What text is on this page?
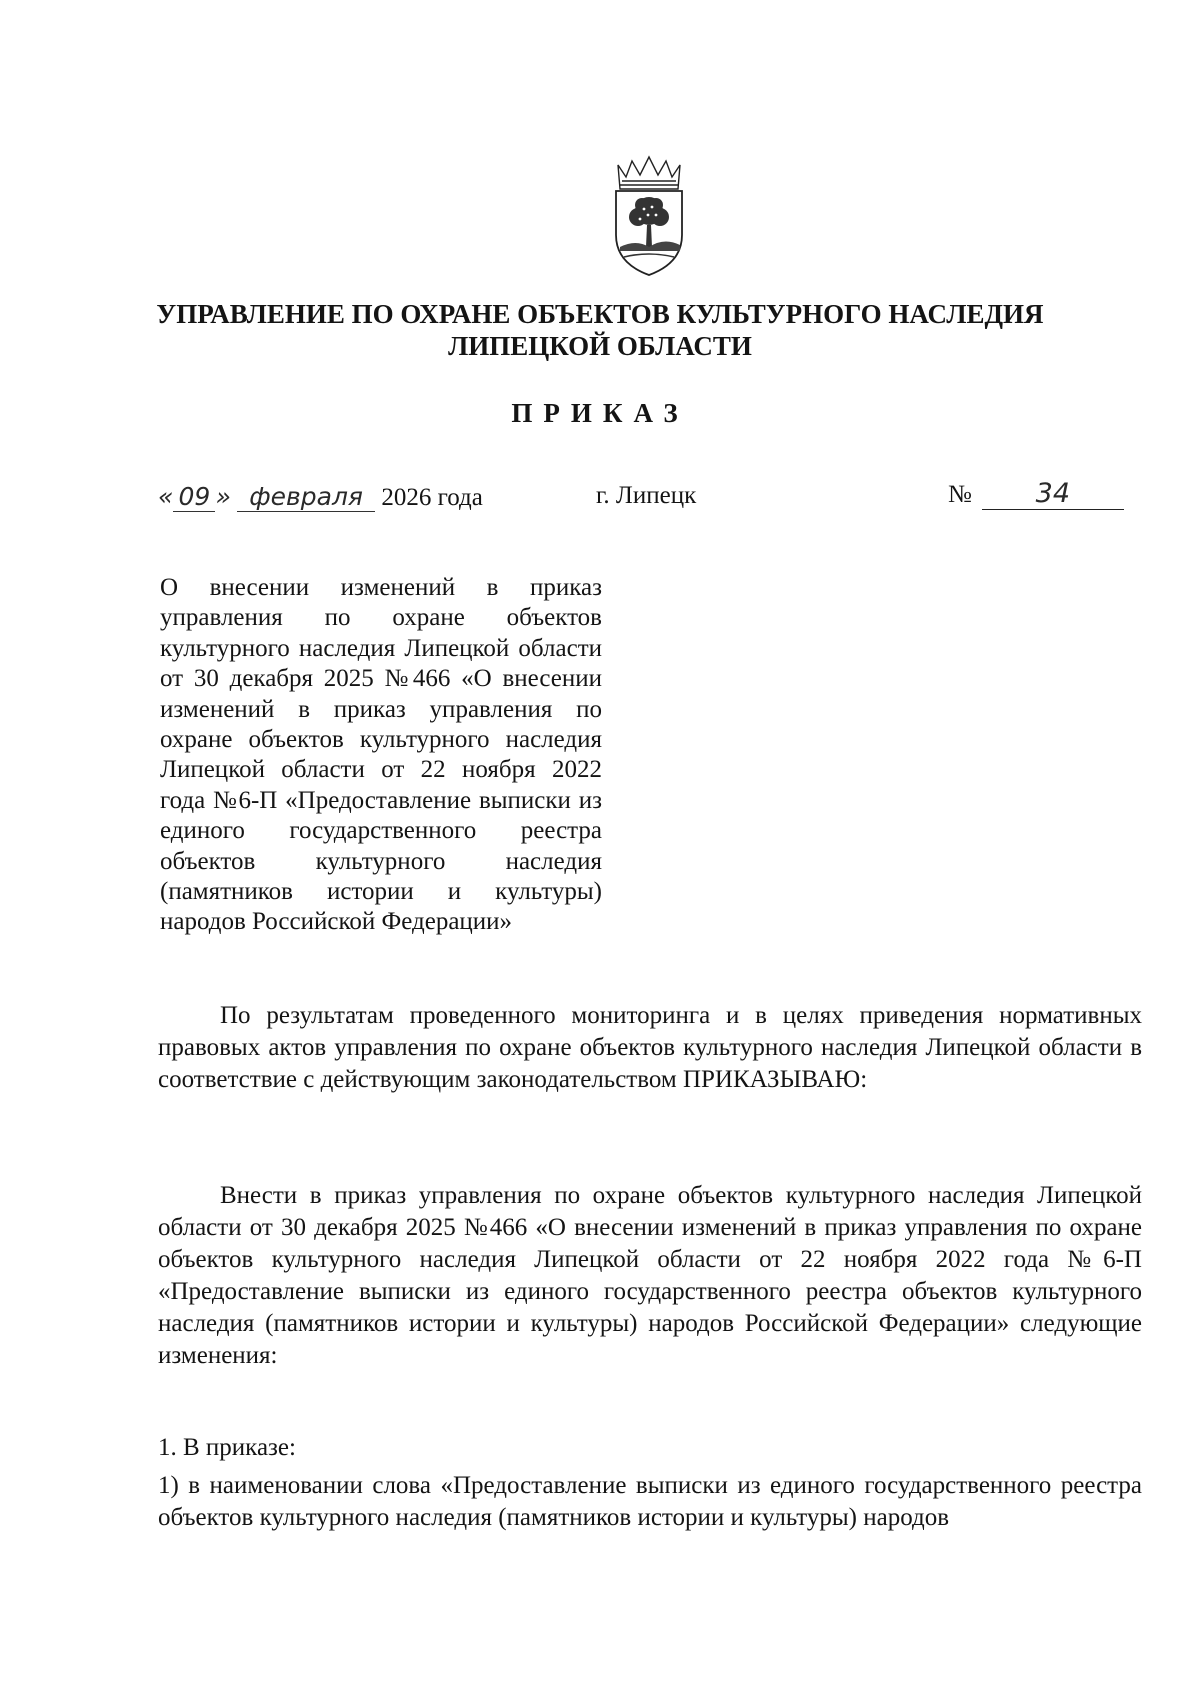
УПРАВЛЕНИЕ ПО ОХРАНЕ ОБЪЕКТОВ КУЛЬТУРНОГО НАСЛЕДИЯ
ЛИПЕЦКОЙ ОБЛАСТИ
ПРИКАЗ
« 09 » февраля 2026 года	г. Липецк	№ 34

О внесении изменений в приказ управления по охране объектов культурного наследия Липецкой области от 30 декабря 2025 №466 «О внесении изменений в приказ управления по охране объектов культурного наследия Липецкой области от 22 ноября 2022 года №6-П «Предоставление выписки из единого государственного реестра объектов культурного наследия (памятников истории и культуры) народов Российской Федерации»

По результатам проведенного мониторинга и в целях приведения нормативных правовых актов управления по охране объектов культурного наследия Липецкой области в соответствие с действующим законодательством ПРИКАЗЫВАЮ:

Внести в приказ управления по охране объектов культурного наследия Липецкой области от 30 декабря 2025 №466 «О внесении изменений в приказ управления по охране объектов культурного наследия Липецкой области от 22 ноября 2022 года №6-П «Предоставление выписки из единого государственного реестра объектов культурного наследия (памятников истории и культуры) народов Российской Федерации» следующие изменения:

1. В приказе:

1) в наименовании слова «Предоставление выписки из единого государственного реестра объектов культурного наследия (памятников истории и культуры) народов
